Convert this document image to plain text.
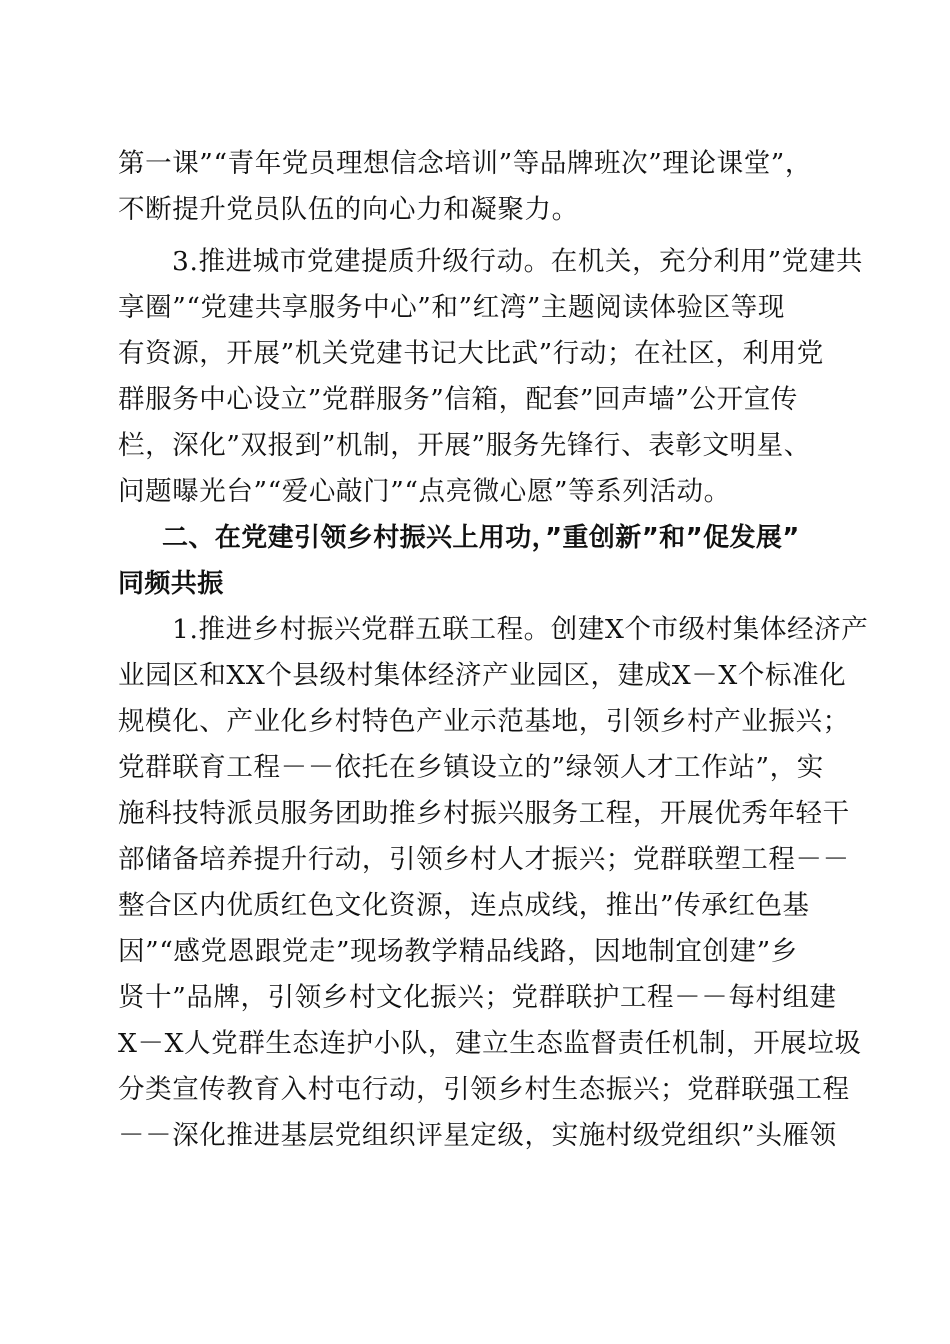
第一课”“青年党员理想信念培训”等品牌班次”理论课堂”，
不断提升党员队伍的向心力和凝聚力。
3.推进城市党建提质升级行动。在机关，充分利用”党建共
享圈”“党建共享服务中心”和”红湾”主题阅读体验区等现
有资源，开展”机关党建书记大比武”行动；在社区，利用党
群服务中心设立”党群服务”信箱，配套”回声墙”公开宣传
栏，深化”双报到”机制，开展”服务先锋行、表彰文明星、
问题曝光台”“爱心敲门”“点亮微心愿”等系列活动。
二、在党建引领乡村振兴上用功，”重创新”和”促发展”
同频共振
1.推进乡村振兴党群五联工程。创建X个市级村集体经济产
业园区和XX个县级村集体经济产业园区，建成X－X个标准化
规模化、产业化乡村特色产业示范基地，引领乡村产业振兴；
党群联育工程－－依托在乡镇设立的”绿领人才工作站”，实
施科技特派员服务团助推乡村振兴服务工程，开展优秀年轻干
部储备培养提升行动，引领乡村人才振兴；党群联塑工程－－
整合区内优质红色文化资源，连点成线，推出”传承红色基
因”“感党恩跟党走”现场教学精品线路，因地制宜创建”乡
贤十”品牌，引领乡村文化振兴；党群联护工程－－每村组建
X－X人党群生态连护小队，建立生态监督责任机制，开展垃圾
分类宣传教育入村屯行动，引领乡村生态振兴；党群联强工程
－－深化推进基层党组织评星定级，实施村级党组织”头雁领
